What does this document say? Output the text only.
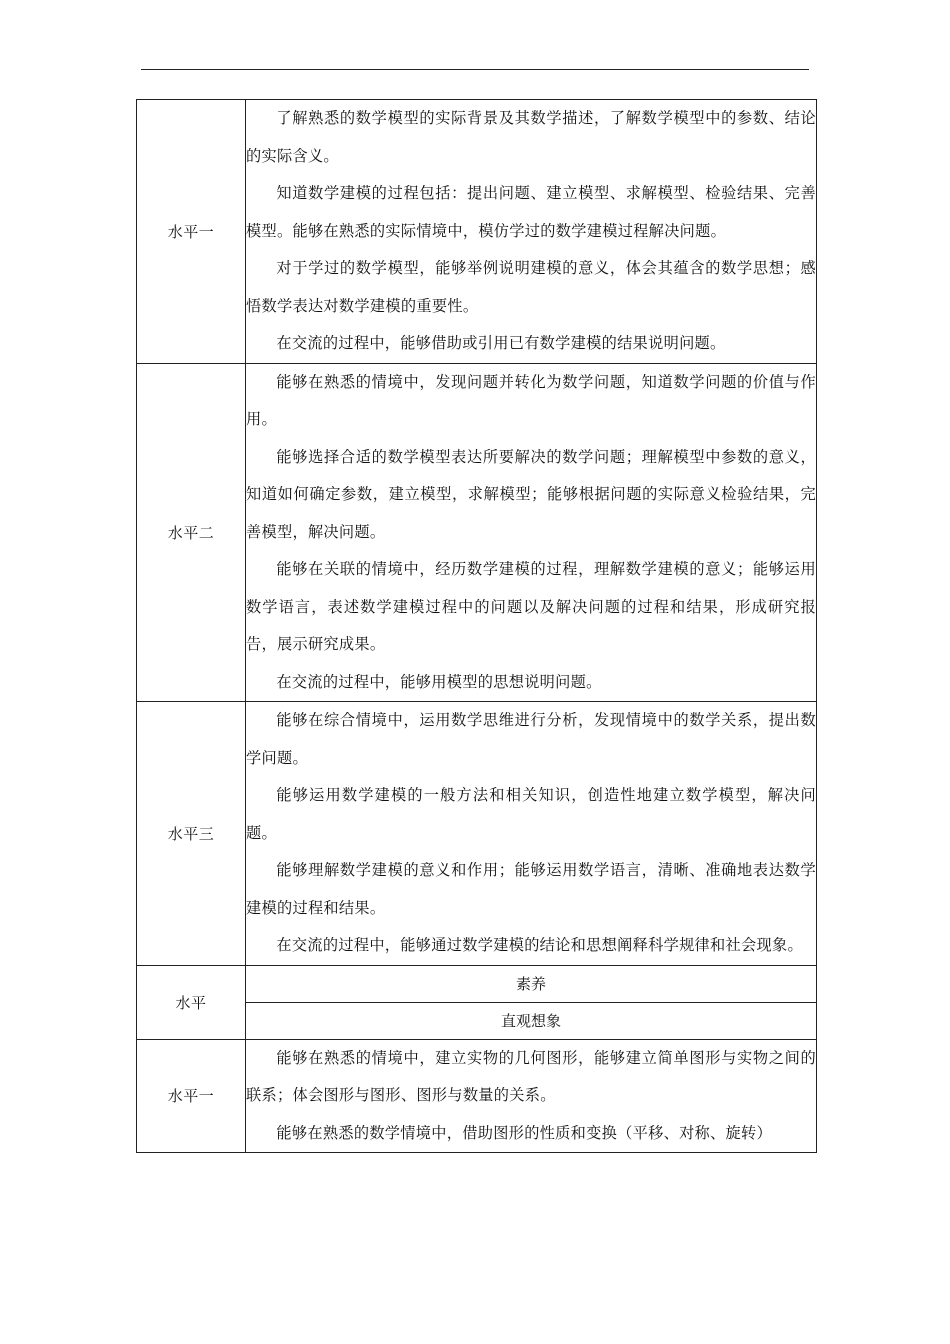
水平一	了解熟悉的数学模型的实际背景及其数学描述，了解数学模型中的参数、结论的实际含义。
知道数学建模的过程包括：提出问题、建立模型、求解模型、检验结果、完善模型。能够在熟悉的实际情境中，模仿学过的数学建模过程解决问题。
对于学过的数学模型，能够举例说明建模的意义，体会其蕴含的数学思想；感悟数学表达对数学建模的重要性。
在交流的过程中，能够借助或引用已有数学建模的结果说明问题。

水平二	能够在熟悉的情境中，发现问题并转化为数学问题，知道数学问题的价值与作用。
能够选择合适的数学模型表达所要解决的数学问题；理解模型中参数的意义，知道如何确定参数，建立模型，求解模型；能够根据问题的实际意义检验结果，完善模型，解决问题。
能够在关联的情境中，经历数学建模的过程，理解数学建模的意义；能够运用数学语言，表述数学建模过程中的问题以及解决问题的过程和结果，形成研究报告，展示研究成果。
在交流的过程中，能够用模型的思想说明问题。

水平三	能够在综合情境中，运用数学思维进行分析，发现情境中的数学关系，提出数学问题。
能够运用数学建模的一般方法和相关知识，创造性地建立数学模型，解决问题。
能够理解数学建模的意义和作用；能够运用数学语言，清晰、准确地表达数学建模的过程和结果。
在交流的过程中，能够通过数学建模的结论和思想阐释科学规律和社会现象。

水平	素养
	直观想象
水平一	能够在熟悉的情境中，建立实物的几何图形，能够建立简单图形与实物之间的联系；体会图形与图形、图形与数量的关系。
能够在熟悉的数学情境中，借助图形的性质和变换（平移、对称、旋转）
